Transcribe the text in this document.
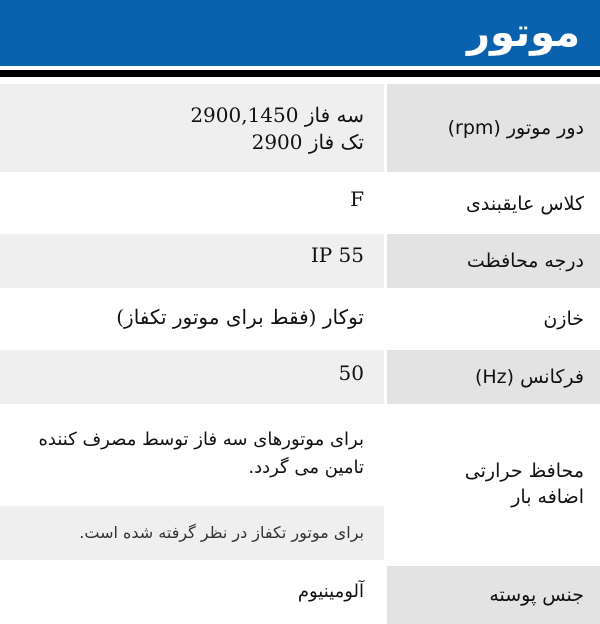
موتور
دور موتور (rpm)
سه فاز 2900,1450
تک فاز 2900
کلاس عایقبندی
F
درجه محافظت
IP 55
خازن
توکار (فقط برای موتور تکفاز)
فرکانس (Hz)
50
محافظ حرارتی اضافه بار
برای موتورهای سه فاز توسط مصرف کننده تامین می گردد.
برای موتور تکفاز در نظر گرفته شده است.
جنس پوسته
آلومینیوم
